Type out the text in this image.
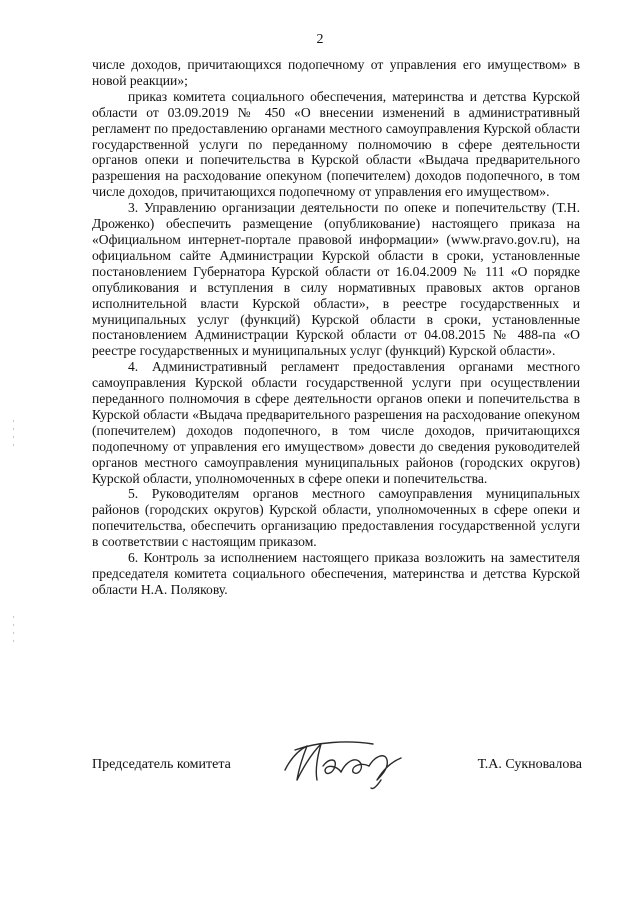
2

числе доходов, причитающихся подопечному от управления его имуществом» в новой реакции»;

приказ комитета социального обеспечения, материнства и детства Курской области от 03.09.2019 № 450 «О внесении изменений в административный регламент по предоставлению органами местного самоуправления Курской области государственной услуги по переданному полномочию в сфере деятельности органов опеки и попечительства в Курской области «Выдача предварительного разрешения на расходование опекуном (попечителем) доходов подопечного, в том числе доходов, причитающихся подопечному от управления его имуществом».

3. Управлению организации деятельности по опеке и попечительству (Т.Н. Дроженко) обеспечить размещение (опубликование) настоящего приказа на «Официальном интернет-портале правовой информации» (www.pravo.gov.ru), на официальном сайте Администрации Курской области в сроки, установленные постановлением Губернатора Курской области от 16.04.2009 № 111 «О порядке опубликования и вступления в силу нормативных правовых актов органов исполнительной власти Курской области», в реестре государственных и муниципальных услуг (функций) Курской области в сроки, установленные постановлением Администрации Курской области от 04.08.2015 № 488-па «О реестре государственных и муниципальных услуг (функций) Курской области».

4. Административный регламент предоставления органами местного самоуправления Курской области государственной услуги при осуществлении переданного полномочия в сфере деятельности органов опеки и попечительства в Курской области «Выдача предварительного разрешения на расходование опекуном (попечителем) доходов подопечного, в том числе доходов, причитающихся подопечному от управления его имуществом» довести до сведения руководителей органов местного самоуправления муниципальных районов (городских округов) Курской области, уполномоченных в сфере опеки и попечительства.

5. Руководителям органов местного самоуправления муниципальных районов (городских округов) Курской области, уполномоченных в сфере опеки и попечительства, обеспечить организацию предоставления государственной услуги в соответствии с настоящим приказом.

6. Контроль за исполнением настоящего приказа возложить на заместителя председателя комитета социального обеспечения, материнства и детства Курской области Н.А. Полякову.

Председатель комитета	Т.А. Сукновалова
